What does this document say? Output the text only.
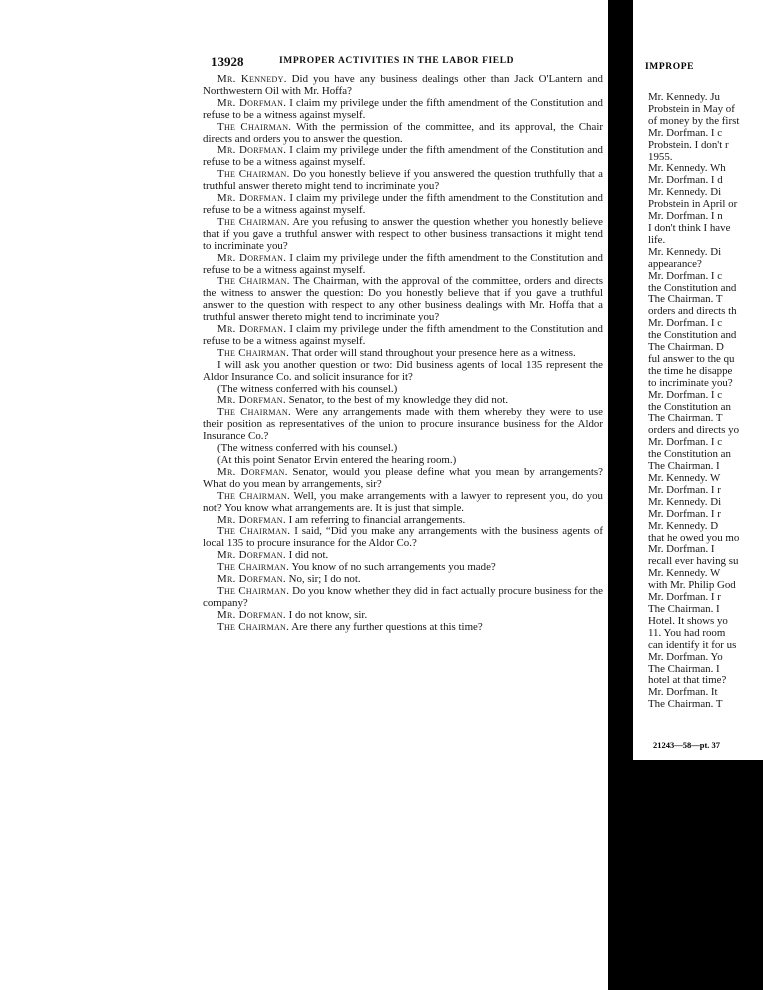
13928	IMPROPER ACTIVITIES IN THE LABOR FIELD

Mr. Kennedy. Did you have any business dealings other than Jack O'Lantern and Northwestern Oil with Mr. Hoffa?

Mr. Dorfman. I claim my privilege under the fifth amendment of the Constitution and refuse to be a witness against myself.

The Chairman. With the permission of the committee, and its approval, the Chair directs and orders you to answer the question.

Mr. Dorfman. I claim my privilege under the fifth amendment of the Constitution and refuse to be a witness against myself.

The Chairman. Do you honestly believe if you answered the question truthfully that a truthful answer thereto might tend to incriminate you?

Mr. Dorfman. I claim my privilege under the fifth amendment to the Constitution and refuse to be a witness against myself.

The Chairman. Are you refusing to answer the question whether you honestly believe that if you gave a truthful answer with respect to other business transactions it might tend to incriminate you?

Mr. Dorfman. I claim my privilege under the fifth amendment to the Constitution and refuse to be a witness against myself.

The Chairman. The Chairman, with the approval of the committee, orders and directs the witness to answer the question: Do you honestly believe that if you gave a truthful answer to the question with respect to any other business dealings with Mr. Hoffa that a truthful answer thereto might tend to incriminate you?

Mr. Dorfman. I claim my privilege under the fifth amendment to the Constitution and refuse to be a witness against myself.

The Chairman. That order will stand throughout your presence here as a witness.

I will ask you another question or two: Did business agents of local 135 represent the Aldor Insurance Co. and solicit insurance for it?

(The witness conferred with his counsel.)

Mr. Dorfman. Senator, to the best of my knowledge they did not.

The Chairman. Were any arrangements made with them whereby they were to use their position as representatives of the union to procure insurance business for the Aldor Insurance Co.?

(The witness conferred with his counsel.)

(At this point Senator Ervin entered the hearing room.)

Mr. Dorfman. Senator, would you please define what you mean by arrangements? What do you mean by arrangements, sir?

The Chairman. Well, you make arrangements with a lawyer to represent you, do you not? You know what arrangements are. It is just that simple.

Mr. Dorfman. I am referring to financial arrangements.

The Chairman. I said, “Did you make any arrangements with the business agents of local 135 to procure insurance for the Aldor Co.?

Mr. Dorfman. I did not.

The Chairman. You know of no such arrangements you made?

Mr. Dorfman. No, sir; I do not.

The Chairman. Do you know whether they did in fact actually procure business for the company?

Mr. Dorfman. I do not know, sir.

The Chairman. Are there any further questions at this time?

IMPROPE
Mr. Kennedy. Ju
Probstein in May of
of money by the first
Mr. Dorfman. I c
Probstein. I don't r
1955.
Mr. Kennedy. Wh
Mr. Dorfman. I d
Mr. Kennedy. Di
Probstein in April or
Mr. Dorfman. I n
I don't think I have
life.
Mr. Kennedy. Di
appearance?
Mr. Dorfman. I c
the Constitution and
The Chairman. T
orders and directs th
Mr. Dorfman. I c
the Constitution and
The Chairman. D
ful answer to the qu
the time he disappe
to incriminate you?
Mr. Dorfman. I c
the Constitution an
The Chairman. T
orders and directs yo
Mr. Dorfman. I c
the Constitution an
The Chairman. I
Mr. Kennedy. W
Mr. Dorfman. I r
Mr. Kennedy. Di
Mr. Dorfman. I r
Mr. Kennedy. D
that he owed you mo
Mr. Dorfman. I
recall ever having su
Mr. Kennedy. W
with Mr. Philip God
Mr. Dorfman. I r
The Chairman. I
Hotel. It shows yo
11. You had room
can identify it for us
Mr. Dorfman. Yo
The Chairman. I
hotel at that time?
Mr. Dorfman. It
The Chairman. T
21243—58—pt. 37
